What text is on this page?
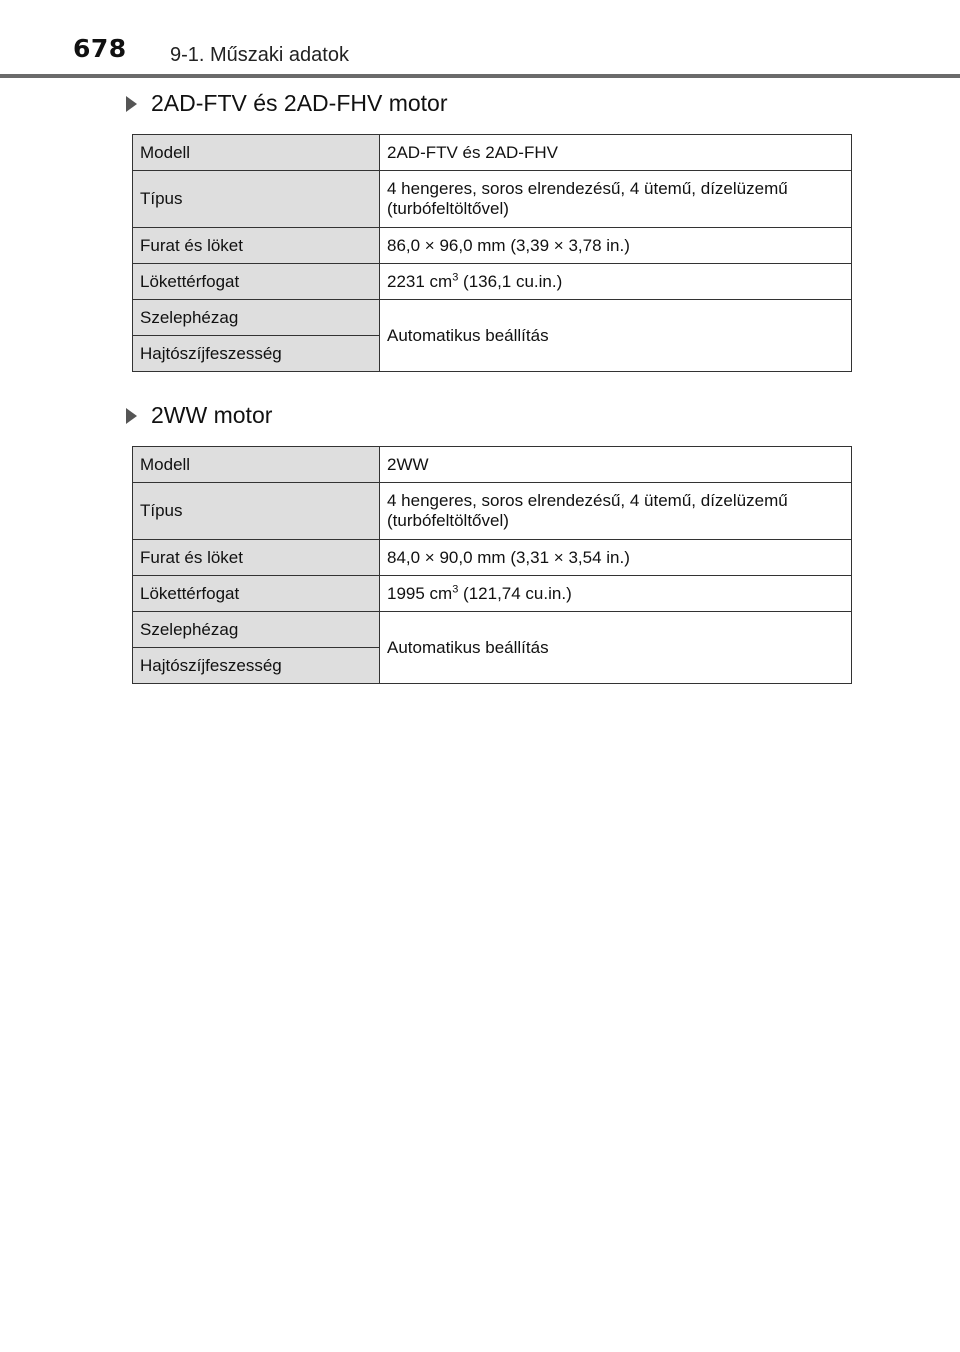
678 9-1. Műszaki adatok
2AD-FTV és 2AD-FHV motor
Modell	2AD-FTV és 2AD-FHV
Típus	4 hengeres, soros elrendezésű, 4 ütemű, dízelüzemű
(turbófeltöltővel)

Furat és löket	86,0 × 96,0 mm (3,39 × 3,78 in.)
Lökettérfogat	2231 $cm^3$ (136,1 cu.in.)
Szelephézag	Automatikus beállítás
Hajtószíjfeszesség	
2WW motor
Modell	2WW
Típus	4 hengeres, soros elrendezésű, 4 ütemű, dízelüzemű
(turbófeltöltővel)

Furat és löket	84,0 × 90,0 mm (3,31 × 3,54 in.)
Lökettérfogat	1995 $cm^3$ (121,74 cu.in.)
Szelephézag	Automatikus beállítás
Hajtószíjfeszesség	
